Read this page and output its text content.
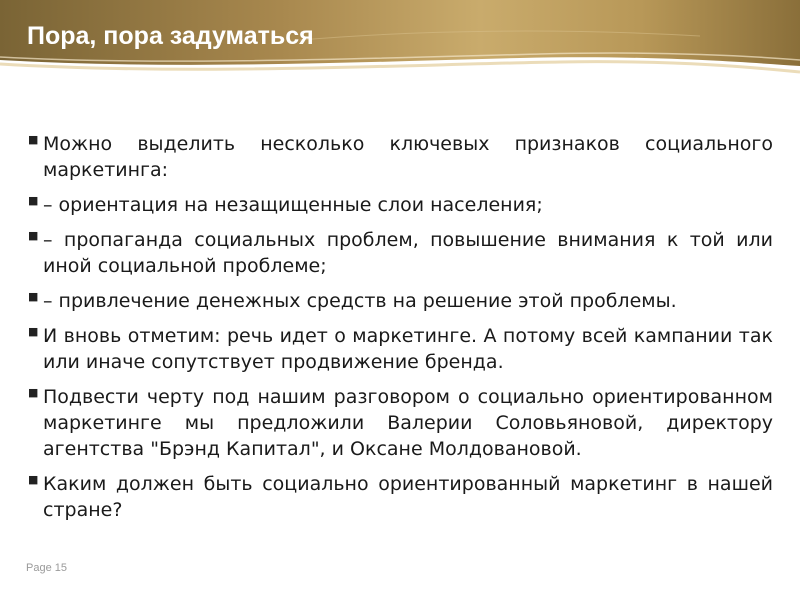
Пора, пора задуматься
■ Можно выделить несколько ключевых признаков социального маркетинга:
■ – ориентация на незащищенные слои населения;
■ – пропаганда социальных проблем, повышение внимания к той или иной социальной проблеме;
■ – привлечение денежных средств на решение этой проблемы.
■ И вновь отметим: речь идет о маркетинге. А потому всей кампании так или иначе сопутствует продвижение бренда.
■ Подвести черту под нашим разговором о социально ориентированном маркетинге мы предложили Валерии Соловьяновой, директору агентства "Брэнд Капитал", и Оксане Молдовановой.
■ Каким должен быть социально ориентированный маркетинг в нашей стране?
Page 15
